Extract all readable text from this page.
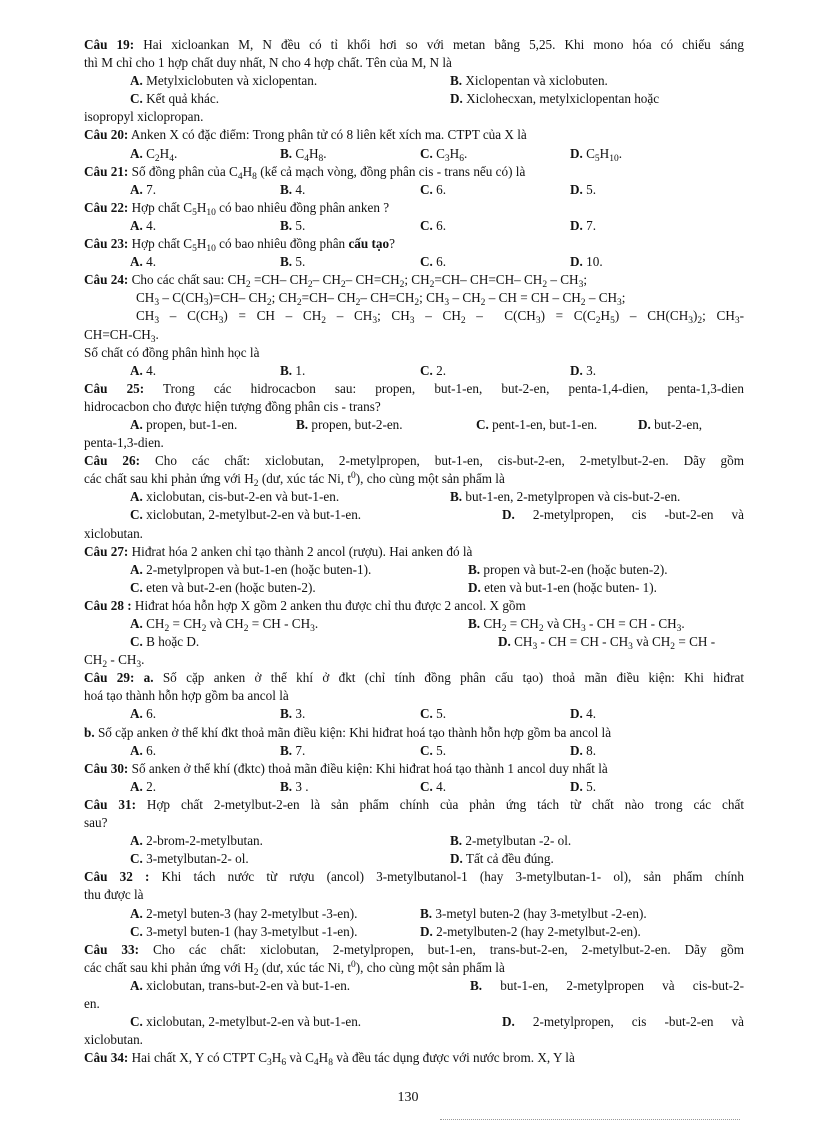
Câu 19: Hai xicloankan M, N đều có tỉ khối hơi so với metan bằng 5,25. Khi mono hóa có chiếu sáng
thì M chỉ cho 1 hợp chất duy nhất, N cho 4 hợp chất. Tên của M, N là
A. Metylxiclobuten và xiclopentan.	B. Xiclopentan và xiclobuten.
C. Kết quả khác.	D. Xiclohecxan, metylxiclopentan hoặc
isopropyl xiclopropan.
Câu 20: Anken X có đặc điểm: Trong phân tử có 8 liên kết xích ma. CTPT của X là
A. $C_2H_4$.	B. $C_4H_8$.	C. $C_3H_6$.	D. $C_5H_{10}$.
Câu 21: Số đồng phân của $C_4H_8$ (kể cả mạch vòng, đồng phân cis - trans nếu có) là
A. 7.	B. 4.	C. 6.	D. 5.
Câu 22: Hợp chất $C_5H_{10}$ có bao nhiêu đồng phân anken ?
A. 4.	B. 5.	C. 6.	D. 7.
Câu 23: Hợp chất $C_5H_{10}$ có bao nhiêu đồng phân cấu tạo?
A. 4.	B. 5.	C. 6.	D. 10.
Câu 24: Cho các chất sau: $CH_2 =CH-$ $CH_2-$ $CH_2-$ $CH=CH_2$; $CH_2=CH-$ CH=CH– $CH_2 - CH_3$;
$CH_3 - C(CH_3)=CH-$ $CH_2$; $CH_2=CH-$ $CH_2-$ $CH=CH_2$; $CH_3 - CH_2$ – CH = CH – $CH_2 - CH_3$;
$CH_3 - C(CH_3)$ = CH – $CH_2 - CH_3$; $CH_3 - CH_2 - C(CH_3) = C(C_2H_5) - CH(CH_3)_2$; $CH_3-$
$CH=CH-CH_3$.
Số chất có đồng phân hình học là
A. 4.	B. 1.	C. 2.	D. 3.
Câu 25: Trong các hidrocacbon sau: propen, but-1-en, but-2-en, penta-1,4-dien, penta-1,3-dien
hidrocacbon cho được hiện tượng đồng phân cis - trans?
A. propen, but-1-en.	B. propen, but-2-en.	C. pent-1-en, but-1-en.	D. but-2-en,
penta-1,3-dien.
Câu 26: Cho các chất: xiclobutan, 2-metylpropen, but-1-en, cis-but-2-en, 2-metylbut-2-en. Dãy gồm
các chất sau khi phản ứng với $H_2$ (dư, xúc tác Ni, $t^0$), cho cùng một sản phẩm là
A. xiclobutan, cis-but-2-en và but-1-en.	B. but-1-en, 2-metylpropen và cis-but-2-en.
C. xiclobutan, 2-metylbut-2-en và but-1-en.	D. 2-metylpropen, cis -but-2-en và
xiclobutan.
Câu 27: Hiđrat hóa 2 anken chỉ tạo thành 2 ancol (rượu). Hai anken đó là
A. 2-metylpropen và but-1-en (hoặc buten-1).	B. propen và but-2-en (hoặc buten-2).
C. eten và but-2-en (hoặc buten-2).	D. eten và but-1-en (hoặc buten- 1).
Câu 28 : Hiđrat hóa hỗn hợp X gồm 2 anken thu được chỉ thu được 2 ancol. X gồm
A. $CH_2 = CH_2$ và $CH_2$ = CH - $CH_3$.	B. $CH_2 = CH_2$ và $CH_3$ - CH = CH - $CH_3$.
C. B hoặc D.	D. $CH_3$ - CH = CH - $CH_3$ và $CH_2$ = CH -
$CH_2 - CH_3$.
Câu 29: a. Số cặp anken ở thể khí ở đkt (chỉ tính đồng phân cấu tạo) thoả mãn điều kiện: Khi hiđrat
hoá tạo thành hỗn hợp gồm ba ancol là
A. 6.	B. 3.	C. 5.	D. 4.
b. Số cặp anken ở thể khí đkt thoả mãn điều kiện: Khi hiđrat hoá tạo thành hỗn hợp gồm ba ancol là
A. 6.	B. 7.	C. 5.	D. 8.
Câu 30: Số anken ở thể khí (đktc) thoả mãn điều kiện: Khi hiđrat hoá tạo thành 1 ancol duy nhất là
A. 2.	B. 3 .	C. 4.	D. 5.
Câu 31: Hợp chất 2-metylbut-2-en là sản phẩm chính của phản ứng tách từ chất nào trong các chất
sau?
A. 2-brom-2-metylbutan.	B. 2-metylbutan -2- ol.
C. 3-metylbutan-2- ol.	D. Tất cả đều đúng.
Câu 32 : Khi tách nước từ rượu (ancol) 3-metylbutanol-1 (hay 3-metylbutan-1- ol), sản phẩm chính
thu được là
A. 2-metyl buten-3 (hay 2-metylbut -3-en).	B. 3-metyl buten-2 (hay 3-metylbut -2-en).
C. 3-metyl buten-1 (hay 3-metylbut -1-en).	D. 2-metylbuten-2 (hay 2-metylbut-2-en).
Câu 33: Cho các chất: xiclobutan, 2-metylpropen, but-1-en, trans-but-2-en, 2-metylbut-2-en. Dãy gồm
các chất sau khi phản ứng với $H_2$ (dư, xúc tác Ni, $t^0$), cho cùng một sản phẩm là
A. xiclobutan, trans-but-2-en và but-1-en.	B. but-1-en, 2-metylpropen và cis-but-2-
en.
C. xiclobutan, 2-metylbut-2-en và but-1-en.	D. 2-metylpropen, cis -but-2-en và
xiclobutan.
Câu 34: Hai chất X, Y có CTPT $C_3H_6$ và $C_4H_8$ và đều tác dụng được với nước brom. X, Y là
130
